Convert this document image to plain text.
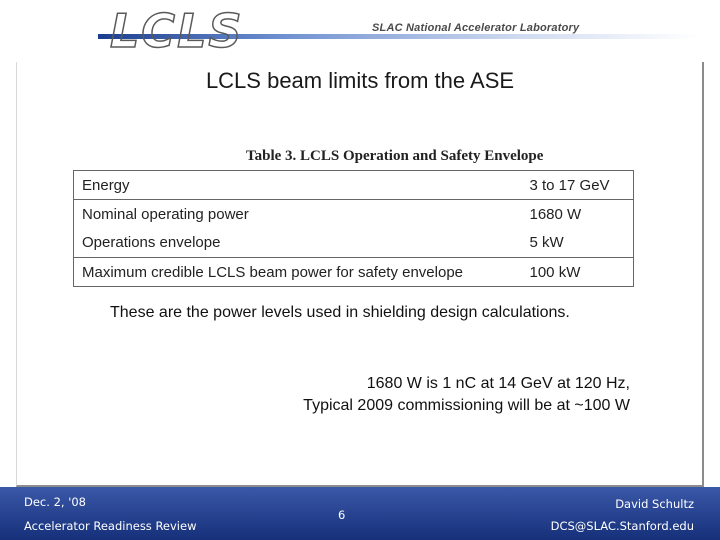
LCLS	SLAC National Accelerator Laboratory
LCLS beam limits from the ASE
Table 3. LCLS Operation and Safety Envelope
Energy	3 to 17 GeV
Nominal operating power	1680 W
Operations envelope	5 kW
Maximum credible LCLS beam power for safety envelope	100 kW
These are the power levels used in shielding design calculations.
1680 W is 1 nC at 14 GeV at 120 Hz,
Typical 2009 commissioning will be at ~100 W
Dec. 2, '08
Accelerator Readiness Review
6
David Schultz
DCS@SLAC.Stanford.edu
